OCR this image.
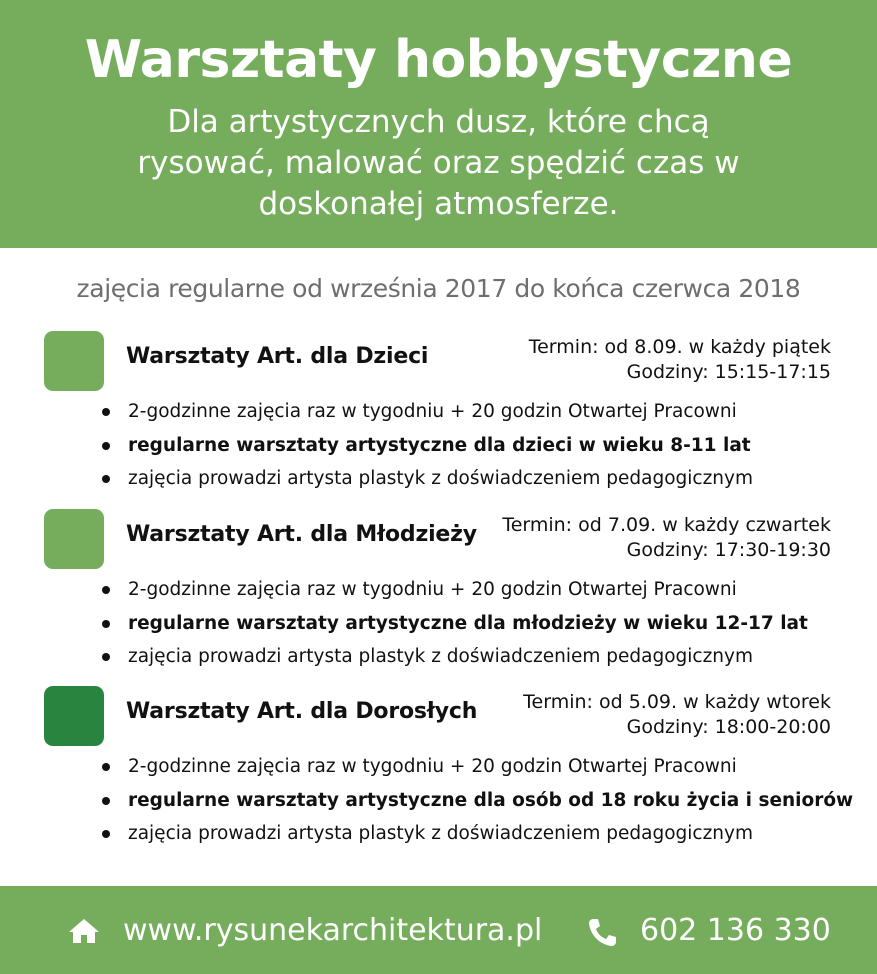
Warsztaty hobbystyczne
Dla artystycznych dusz, które chcą rysować, malować oraz spędzić czas w doskonałej atmosferze.
zajęcia regularne od września 2017 do końca czerwca 2018
Warsztaty Art. dla Dzieci	Termin: od 8.09. w każdy piątek
Godziny: 15:15-17:15
2-godzinne zajęcia raz w tygodniu + 20 godzin Otwartej Pracowni
regularne warsztaty artystyczne dla dzieci w wieku 8-11 lat
zajęcia prowadzi artysta plastyk z doświadczeniem pedagogicznym
Warsztaty Art. dla Młodzieży Termin: od 7.09. w każdy czwartek
Godziny: 17:30-19:30
2-godzinne zajęcia raz w tygodniu + 20 godzin Otwartej Pracowni
regularne warsztaty artystyczne dla młodzieży w wieku 12-17 lat
zajęcia prowadzi artysta plastyk z doświadczeniem pedagogicznym
Warsztaty Art. dla Dorosłych Termin: od 5.09. w każdy wtorek
Godziny: 18:00-20:00
2-godzinne zajęcia raz w tygodniu + 20 godzin Otwartej Pracowni
regularne warsztaty artystyczne dla osób od 18 roku życia i seniorów
zajęcia prowadzi artysta plastyk z doświadczeniem pedagogicznym
www.rysunekarchitektura.pl	602 136 330
